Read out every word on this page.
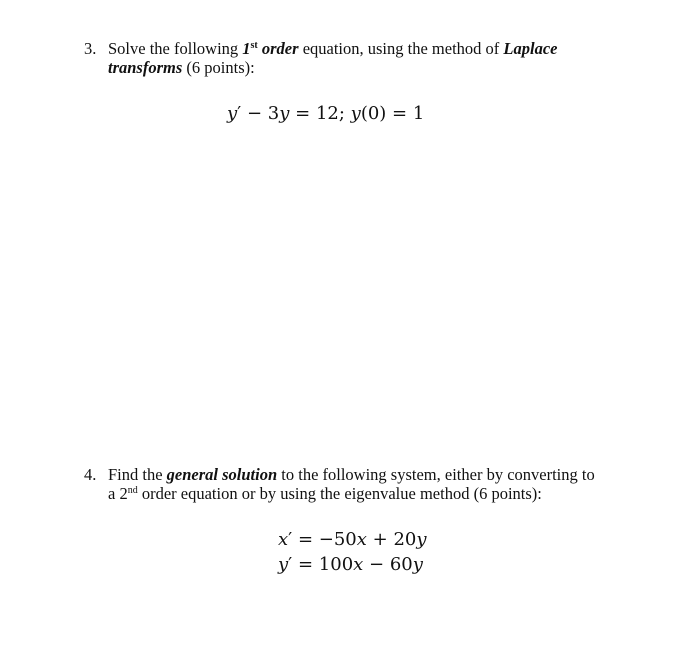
3. Solve the following 1st order equation, using the method of Laplace
transforms (6 points):
y′ − 3y = 12; y(0) = 1
4. Find the general solution to the following system, either by converting to
a 2nd order equation or by using the eigenvalue method (6 points):
x′ = −50x + 20y
y′ = 100x − 60y
